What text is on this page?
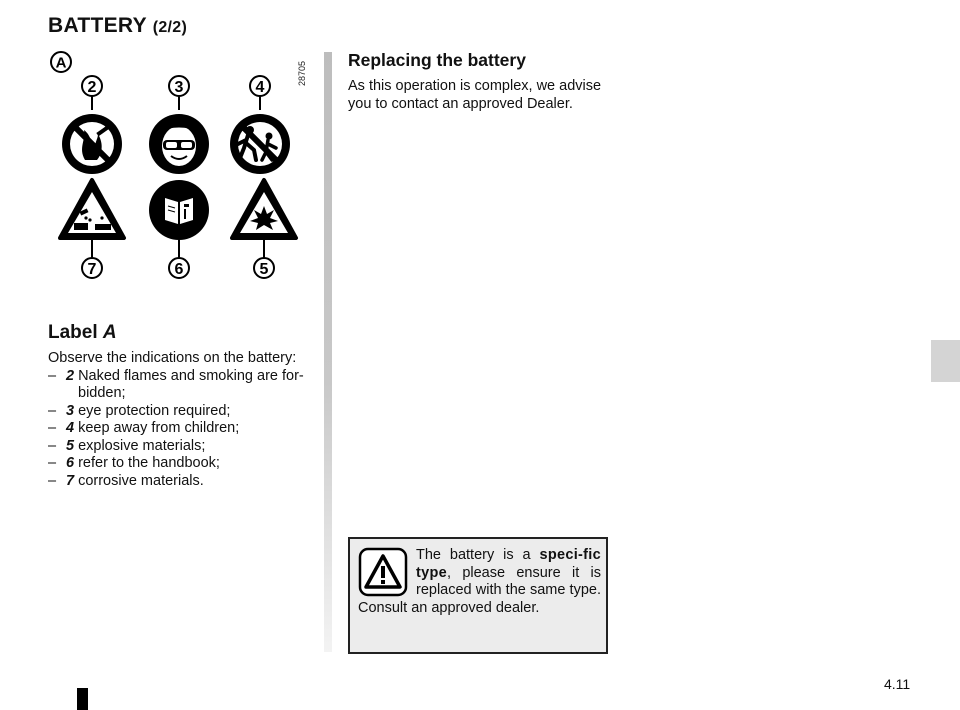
BATTERY (2/2)
A	28705
2	3	4
7	6	5
Label A
Observe the indications on the battery:
– 2 Naked flames and smoking are for-
bidden;
– 3 eye protection required;
– 4 keep away from children;
– 5 explosive materials;
– 6 refer to the handbook;
– 7 corrosive materials.
Replacing the battery
As this operation is complex, we advise you to contact an approved Dealer.
The battery is a speci-fic type, please ensure it is replaced with the same type. Consult an approved dealer.
4.11
